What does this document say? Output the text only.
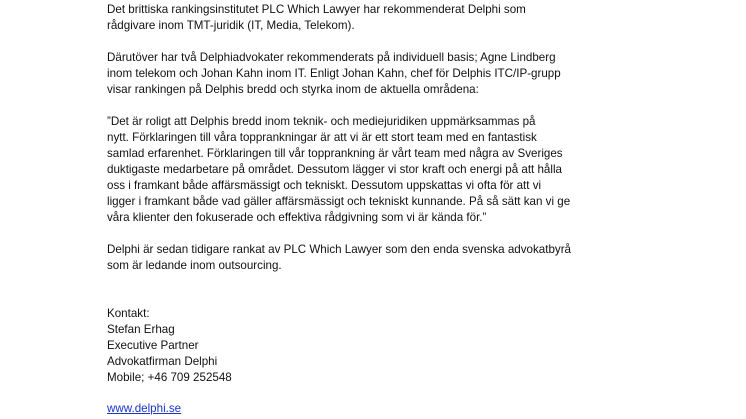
Det brittiska rankingsinstitutet PLC Which Lawyer har rekommenderat Delphi som

rådgivare inom TMT-juridik (IT, Media, Telekom).

Därutöver har två Delphiadvokater rekommenderats på individuell basis; Agne Lindberg

inom telekom och Johan Kahn inom IT. Enligt Johan Kahn, chef för Delphis ITC/IP-grupp

visar rankingen på Delphis bredd och styrka inom de aktuella områdena:

”Det är roligt att Delphis bredd inom teknik- och mediejuridiken uppmärksammas på

nytt. Förklaringen till våra topprankningar är att vi är ett stort team med en fantastisk

samlad erfarenhet. Förklaringen till vår topprankning är vårt team med några av Sveriges

duktigaste medarbetare på området. Dessutom lägger vi stor kraft och energi på att hålla

oss i framkant både affärsmässigt och tekniskt. Dessutom uppskattas vi ofta för att vi

ligger i framkant både vad gäller affärsmässigt och tekniskt kunnande. På så sätt kan vi ge

våra klienter den fokuserade och effektiva rådgivning som vi är kända för.”

Delphi är sedan tidigare rankat av PLC Which Lawyer som den enda svenska advokatbyrå

som är ledande inom outsourcing.

Kontakt:

Stefan Erhag

Executive Partner

Advokatfirman Delphi

Mobile; +46 709 252548

www.delphi.se
